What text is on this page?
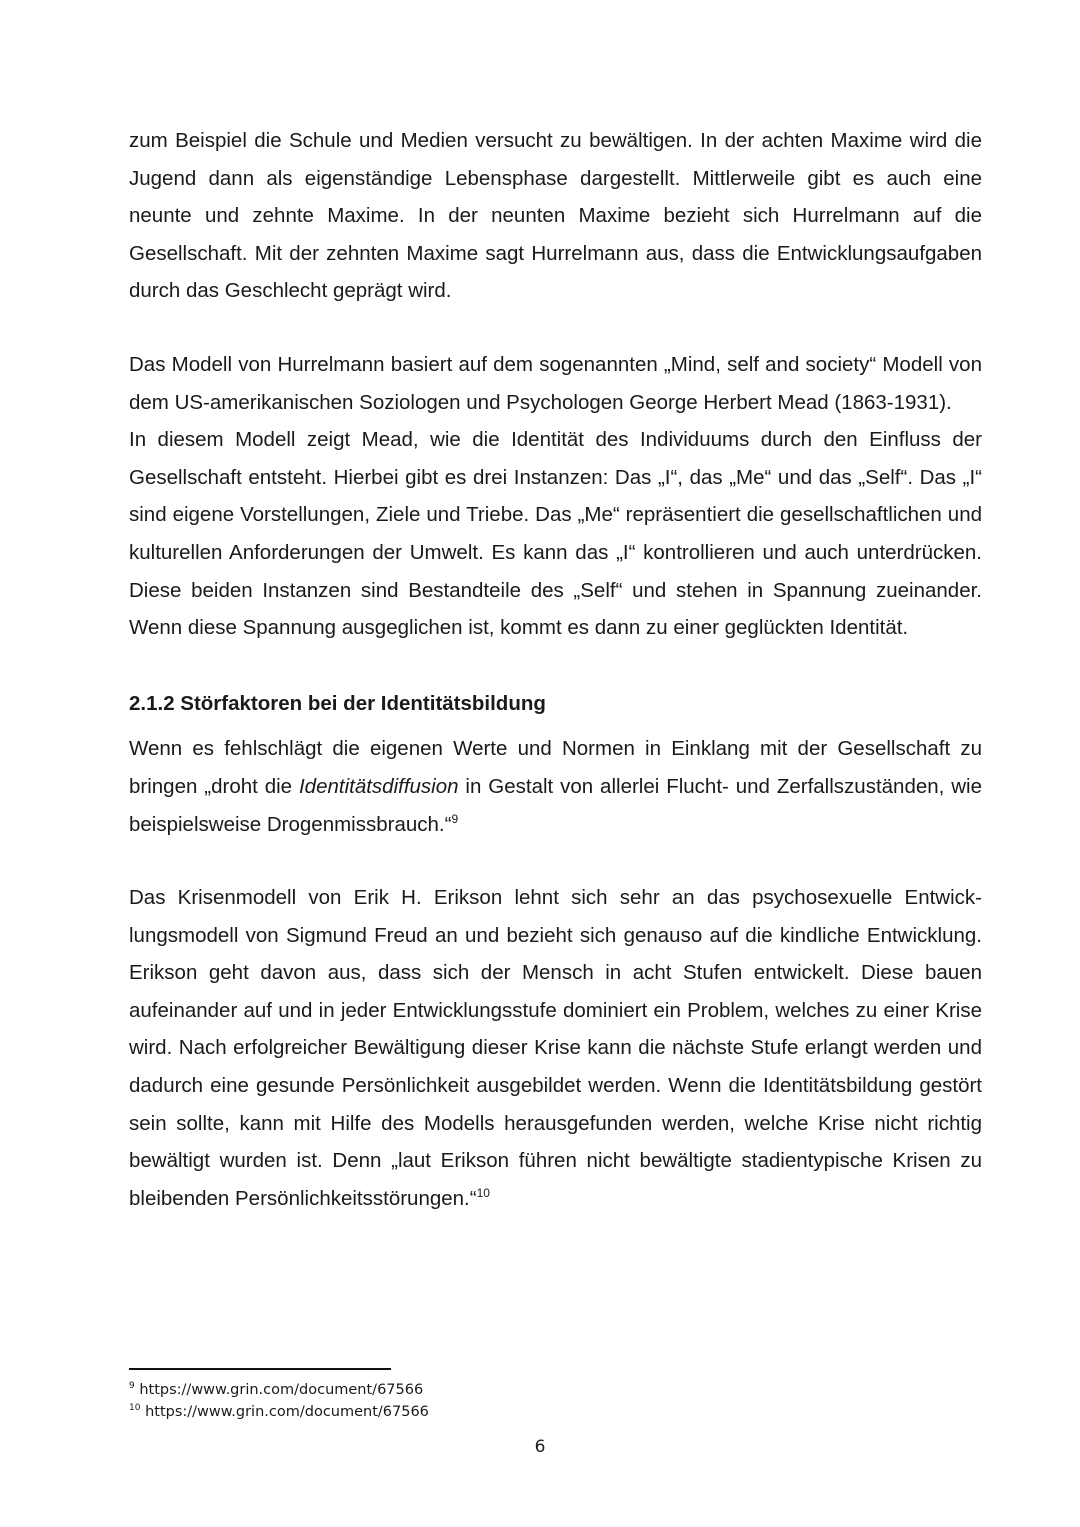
zum Beispiel die Schule und Medien versucht zu bewältigen. In der achten Maxime wird die Jugend dann als eigenständige Lebensphase dargestellt. Mittlerweile gibt es auch eine neunte und zehnte Maxime. In der neunten Maxime bezieht sich Hurrelmann auf die Gesellschaft. Mit der zehnten Maxime sagt Hurrelmann aus, dass die Entwicklungsaufgaben durch das Geschlecht geprägt wird.

Das Modell von Hurrelmann basiert auf dem sogenannten „Mind, self and society“ Modell von dem US-amerikanischen Soziologen und Psychologen George Herbert Mead (1863-1931).

In diesem Modell zeigt Mead, wie die Identität des Individuums durch den Einfluss der Gesellschaft entsteht. Hierbei gibt es drei Instanzen: Das „I“, das „Me“ und das „Self“. Das „I“ sind eigene Vorstellungen, Ziele und Triebe. Das „Me“ repräsentiert die gesellschaftlichen und kulturellen Anforderungen der Umwelt. Es kann das „I“ kontrollieren und auch unterdrücken. Diese beiden Instanzen sind Bestandteile des „Self“ und stehen in Spannung zueinander. Wenn diese Spannung ausgeglichen ist, kommt es dann zu einer geglückten Identität.

2.1.2 Störfaktoren bei der Identitätsbildung

Wenn es fehlschlägt die eigenen Werte und Normen in Einklang mit der Gesellschaft zu bringen „droht die Identitätsdiffusion in Gestalt von allerlei Flucht- und Zerfallszuständen, wie beispielsweise Drogenmissbrauch.“$^9$

Das Krisenmodell von Erik H. Erikson lehnt sich sehr an das psychosexuelle Entwicklungsmodell von Sigmund Freud an und bezieht sich genauso auf die kindliche Entwicklung. Erikson geht davon aus, dass sich der Mensch in acht Stufen entwickelt. Diese bauen aufeinander auf und in jeder Entwicklungsstufe dominiert ein Problem, welches zu einer Krise wird. Nach erfolgreicher Bewältigung dieser Krise kann die nächste Stufe erlangt werden und dadurch eine gesunde Persönlichkeit ausgebildet werden. Wenn die Identitätsbildung gestört sein sollte, kann mit Hilfe des Modells herausgefunden werden, welche Krise nicht richtig bewältigt wurden ist. Denn „laut Erikson führen nicht bewältigte stadientypische Krisen zu bleibenden Persönlichkeitsstörungen.“$^{10}$

$^9$ https://www.grin.com/document/67566
$^{10}$ https://www.grin.com/document/67566
6
